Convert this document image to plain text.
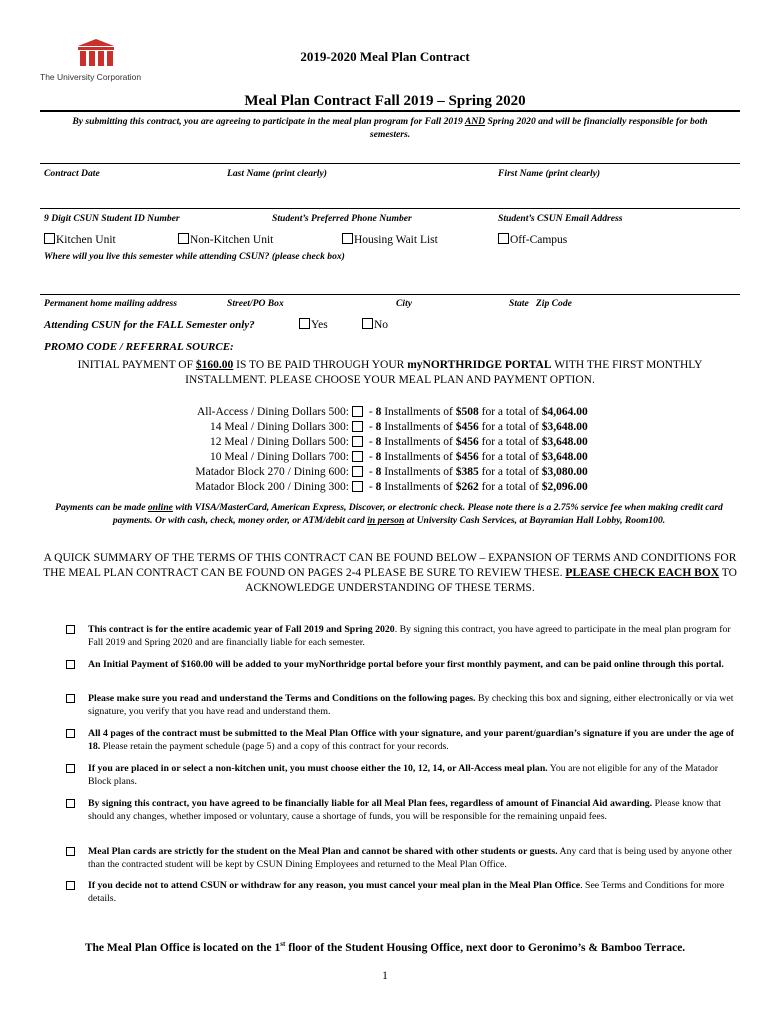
The University Corporation
2019-2020 Meal Plan Contract
Meal Plan Contract Fall 2019 – Spring 2020
By submitting this contract, you are agreeing to participate in the meal plan program for Fall 2019 AND Spring 2020 and will be financially responsible for both semesters.
Contract Date	Last Name (print clearly)	First Name (print clearly)
9 Digit CSUN Student ID Number	Student’s Preferred Phone Number	Student’s CSUN Email Address
Kitchen Unit	Non-Kitchen Unit	Housing Wait List	Off-Campus
Where will you live this semester while attending CSUN? (please check box)
Permanent home mailing address	Street/PO Box	City	State   Zip Code
Attending CSUN for the FALL Semester only?	Yes	No
PROMO CODE / REFERRAL SOURCE:
INITIAL PAYMENT OF $160.00 IS TO BE PAID THROUGH YOUR myNORTHRIDGE PORTAL WITH THE FIRST MONTHLY INSTALLMENT. PLEASE CHOOSE YOUR MEAL PLAN AND PAYMENT OPTION.
All-Access / Dining Dollars 500: - 8 Installments of $508 for a total of $4,064.00
14 Meal / Dining Dollars 300: - 8 Installments of $456 for a total of $3,648.00
12 Meal / Dining Dollars 500: - 8 Installments of $456 for a total of $3,648.00
10 Meal / Dining Dollars 700: - 8 Installments of $456 for a total of $3,648.00
Matador Block 270 / Dining 600: - 8 Installments of $385 for a total of $3,080.00
Matador Block 200 / Dining 300: - 8 Installments of $262 for a total of $2,096.00
Payments can be made online with VISA/MasterCard, American Express, Discover, or electronic check. Please note there is a 2.75% service fee when making credit card payments. Or with cash, check, money order, or ATM/debit card in person at University Cash Services, at Bayramian Hall Lobby, Room100.
A QUICK SUMMARY OF THE TERMS OF THIS CONTRACT CAN BE FOUND BELOW – EXPANSION OF TERMS AND CONDITIONS FOR THE MEAL PLAN CONTRACT CAN BE FOUND ON PAGES 2-4 PLEASE BE SURE TO REVIEW THESE. PLEASE CHECK EACH BOX TO ACKNOWLEDGE UNDERSTANDING OF THESE TERMS.
This contract is for the entire academic year of Fall 2019 and Spring 2020. By signing this contract, you have agreed to participate in the meal plan program for Fall 2019 and Spring 2020 and are financially liable for each semester.
An Initial Payment of $160.00 will be added to your myNorthridge portal before your first monthly payment, and can be paid online through this portal.
Please make sure you read and understand the Terms and Conditions on the following pages. By checking this box and signing, either electronically or via wet signature, you verify that you have read and understand them.
All 4 pages of the contract must be submitted to the Meal Plan Office with your signature, and your parent/guardian’s signature if you are under the age of 18. Please retain the payment schedule (page 5) and a copy of this contract for your records.
If you are placed in or select a non-kitchen unit, you must choose either the 10, 12, 14, or All-Access meal plan. You are not eligible for any of the Matador Block plans.
By signing this contract, you have agreed to be financially liable for all Meal Plan fees, regardless of amount of Financial Aid awarding. Please know that should any changes, whether imposed or voluntary, cause a shortage of funds, you will be responsible for the remaining unpaid fees.
Meal Plan cards are strictly for the student on the Meal Plan and cannot be shared with other students or guests. Any card that is being used by anyone other than the contracted student will be kept by CSUN Dining Employees and returned to the Meal Plan Office.
If you decide not to attend CSUN or withdraw for any reason, you must cancel your meal plan in the Meal Plan Office. See Terms and Conditions for more details.
The Meal Plan Office is located on the 1st floor of the Student Housing Office, next door to Geronimo’s & Bamboo Terrace.
1
